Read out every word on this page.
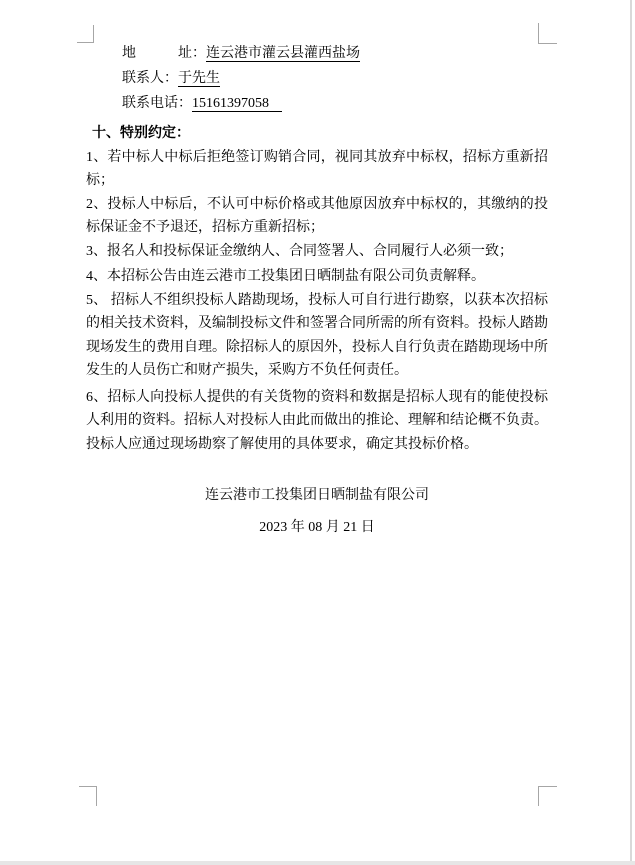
地　　　址：连云港市灌云县灌西盐场
联系人：于先生
联系电话：15161397058
十、特别约定：

1、若中标人中标后拒绝签订购销合同，视同其放弃中标权，招标方重新招标；

2、投标人中标后，不认可中标价格或其他原因放弃中标权的，其缴纳的投标保证金不予退还，招标方重新招标；

3、报名人和投标保证金缴纳人、合同签署人、合同履行人必须一致；

4、本招标公告由连云港市工投集团日晒制盐有限公司负责解释。

5、 招标人不组织投标人踏勘现场，投标人可自行进行勘察，以获本次招标的相关技术资料，及编制投标文件和签署合同所需的所有资料。投标人踏勘现场发生的费用自理。除招标人的原因外，投标人自行负责在踏勘现场中所发生的人员伤亡和财产损失，采购方不负任何责任。

6、招标人向投标人提供的有关货物的资料和数据是招标人现有的能使投标人利用的资料。招标人对投标人由此而做出的推论、理解和结论概不负责。投标人应通过现场勘察了解使用的具体要求，确定其投标价格。

连云港市工投集团日晒制盐有限公司
2023 年 08 月 21 日
